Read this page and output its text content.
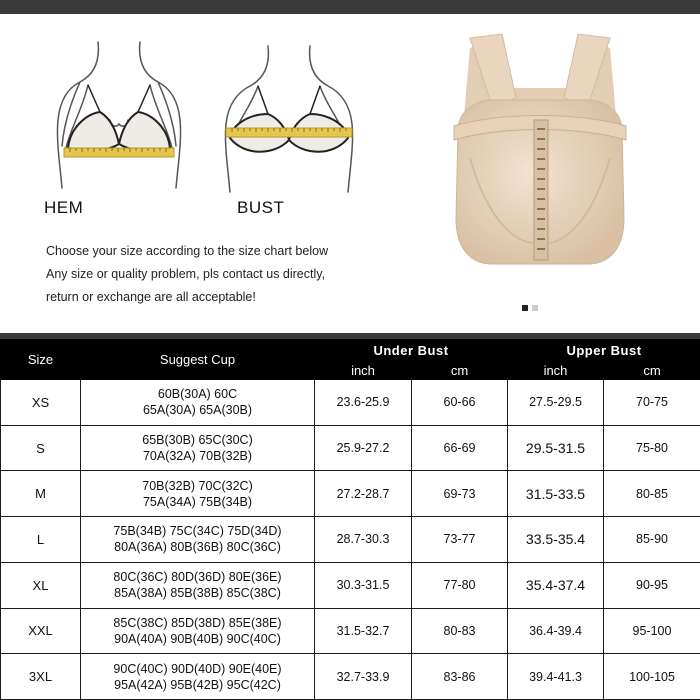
HEM	BUST
Choose your size according to the size chart below
Any size or quality problem, pls contact us directly,
return or exchange are all acceptable!
Size	Suggest Cup	Under Bust		Upper Bust	
		inch	cm	inch	cm
XS	60B(30A) 60C
65A(30A) 65A(30B)	23.6-25.9	60-66	27.5-29.5	70-75
S	65B(30B) 65C(30C)
70A(32A) 70B(32B)	25.9-27.2	66-69	29.5-31.5	75-80
M	70B(32B) 70C(32C)
75A(34A) 75B(34B)	27.2-28.7	69-73	31.5-33.5	80-85
L	75B(34B) 75C(34C) 75D(34D)
80A(36A) 80B(36B) 80C(36C)	28.7-30.3	73-77	33.5-35.4	85-90
XL	80C(36C) 80D(36D) 80E(36E)
85A(38A) 85B(38B) 85C(38C)	30.3-31.5	77-80	35.4-37.4	90-95
XXL	85C(38C) 85D(38D) 85E(38E)
90A(40A) 90B(40B) 90C(40C)	31.5-32.7	80-83	36.4-39.4	95-100
3XL	90C(40C) 90D(40D) 90E(40E)
95A(42A) 95B(42B) 95C(42C)	32.7-33.9	83-86	39.4-41.3	100-105
